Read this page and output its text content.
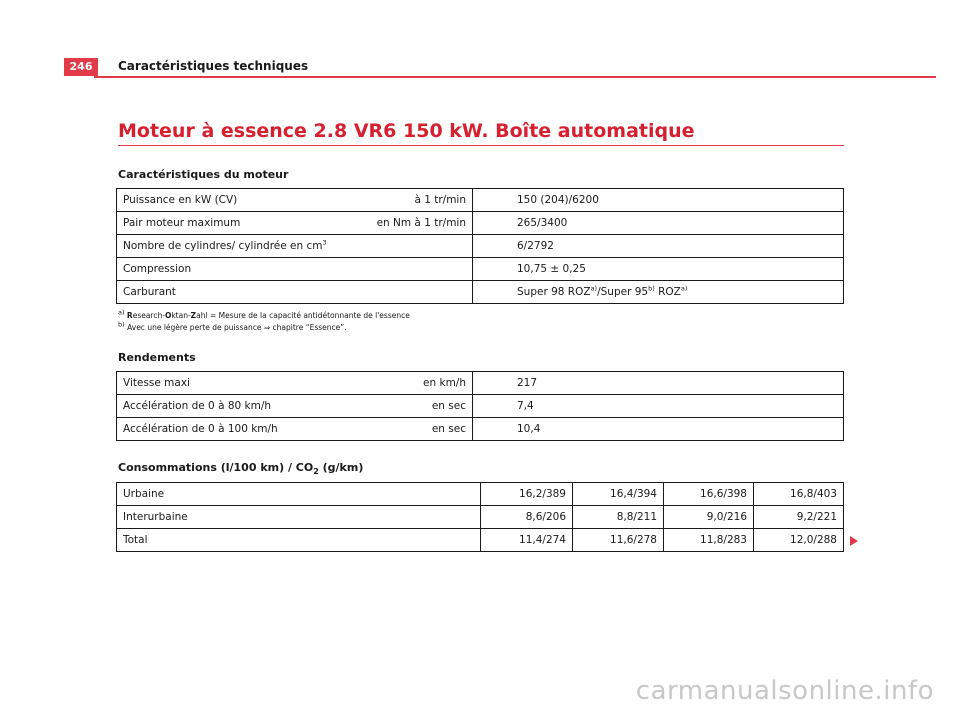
246	Caractéristiques techniques
Moteur à essence 2.8 VR6 150 kW. Boîte automatique
Caractéristiques du moteur
Puissance en kW (CV)	à 1 tr/min	150 (204)/6200
Pair moteur maximum	en Nm à 1 tr/min	265/3400
Nombre de cylindres/ cylindrée en $cm^3$		6/2792
Compression		10,75 ± 0,25
Carburant		Super 98 ROZ$^{a)}$/Super 95$^{b)}$ ROZ$^{a)}$
$^{a)}$ Research-Oktan-Zahl = Mesure de la capacité antidétonnante de l'essence
$^{b)}$ Avec une légère perte de puissance ⇒ chapitre “Essence”.
Rendements
Vitesse maxi	en km/h	217
Accélération de 0 à 80 km/h	en sec	7,4
Accélération de 0 à 100 km/h	en sec	10,4
Consommations (l/100 $km) / CO_2$ (g/km)
Urbaine	16,2/389	16,4/394	16,6/398	16,8/403
Interurbaine	8,6/206	8,8/211	9,0/216	9,2/221
Total	11,4/274	11,6/278	11,8/283	12,0/288
carmanualsonline.info
